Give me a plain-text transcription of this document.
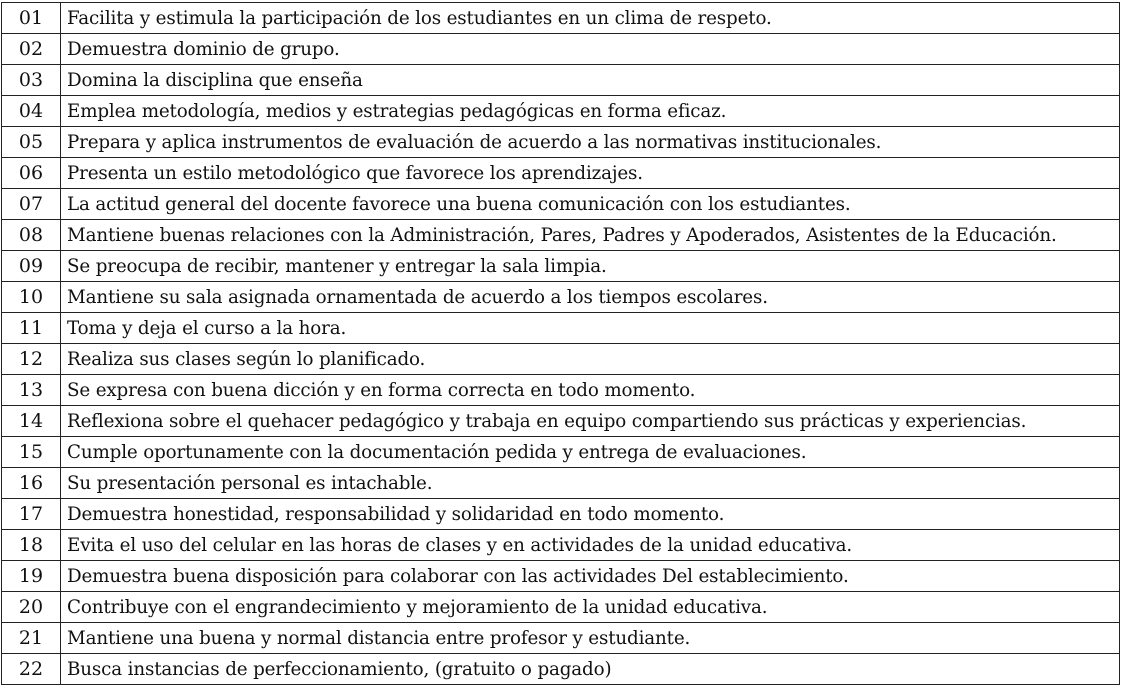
01	Facilita y estimula la participación de los estudiantes en un clima de respeto.
02	Demuestra dominio de grupo.
03	Domina la disciplina que enseña
04	Emplea metodología, medios y estrategias pedagógicas en forma eficaz.
05	Prepara y aplica instrumentos de evaluación de acuerdo a las normativas institucionales.
06	Presenta un estilo metodológico que favorece los aprendizajes.
07	La actitud general del docente favorece una buena comunicación con los estudiantes.
08	Mantiene buenas relaciones con la Administración, Pares, Padres y Apoderados, Asistentes de la Educación.
09	Se preocupa de recibir, mantener y entregar la sala limpia.
10	Mantiene su sala asignada ornamentada de acuerdo a los tiempos escolares.
11	Toma y deja el curso a la hora.
12	Realiza sus clases según lo planificado.
13	Se expresa con buena dicción y en forma correcta en todo momento.
14	Reflexiona sobre el quehacer pedagógico y trabaja en equipo compartiendo sus prácticas y experiencias.
15	Cumple oportunamente con la documentación pedida y entrega de evaluaciones.
16	Su presentación personal es intachable.
17	Demuestra honestidad, responsabilidad y solidaridad en todo momento.
18	Evita el uso del celular en las horas de clases y en actividades de la unidad educativa.
19	Demuestra buena disposición para colaborar con las actividades Del establecimiento.
20	Contribuye con el engrandecimiento y mejoramiento de la unidad educativa.
21	Mantiene una buena y normal distancia entre profesor y estudiante.
22	Busca instancias de perfeccionamiento, (gratuito o pagado)
